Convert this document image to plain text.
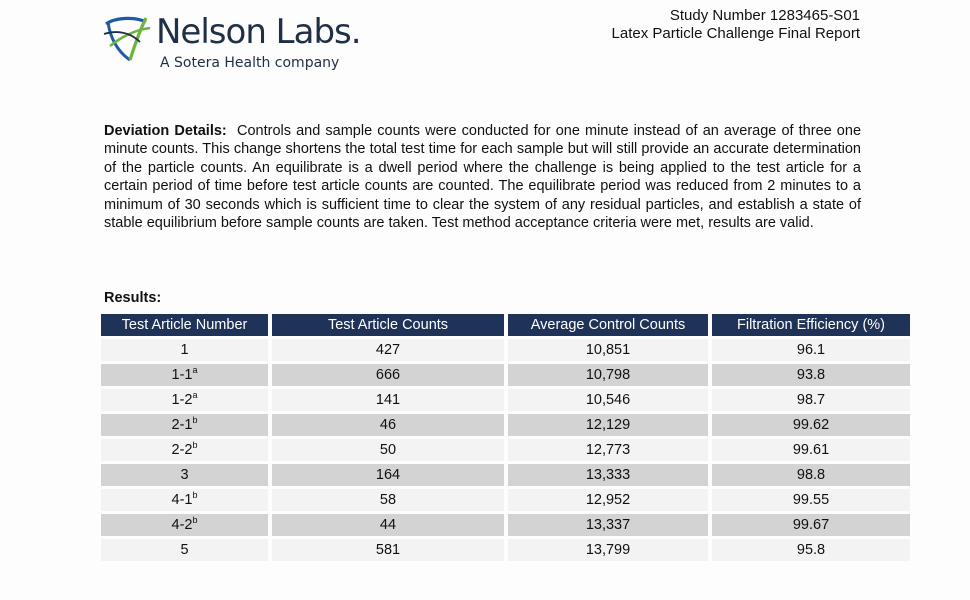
Nelson Labs.
A Sotera Health company
Study Number 1283465-S01
Latex Particle Challenge Final Report
Deviation Details: Controls and sample counts were conducted for one minute instead of an average of three one minute counts. This change shortens the total test time for each sample but will still provide an accurate determination of the particle counts. An equilibrate is a dwell period where the challenge is being applied to the test article for a certain period of time before test article counts are counted. The equilibrate period was reduced from 2 minutes to a minimum of 30 seconds which is sufficient time to clear the system of any residual particles, and establish a state of stable equilibrium before sample counts are taken. Test method acceptance criteria were met, results are valid.
Results:
Test Article Number	Test Article Counts	Average Control Counts	Filtration Efficiency (%)
1	427	10,851	96.1
1-1$^a$	666	10,798	93.8
1-2$^a$	141	10,546	98.7
2-1$^b$	46	12,129	99.62
2-2$^b$	50	12,773	99.61
3	164	13,333	98.8
4-1$^b$	58	12,952	99.55
4-2$^b$	44	13,337	99.67
5	581	13,799	95.8
